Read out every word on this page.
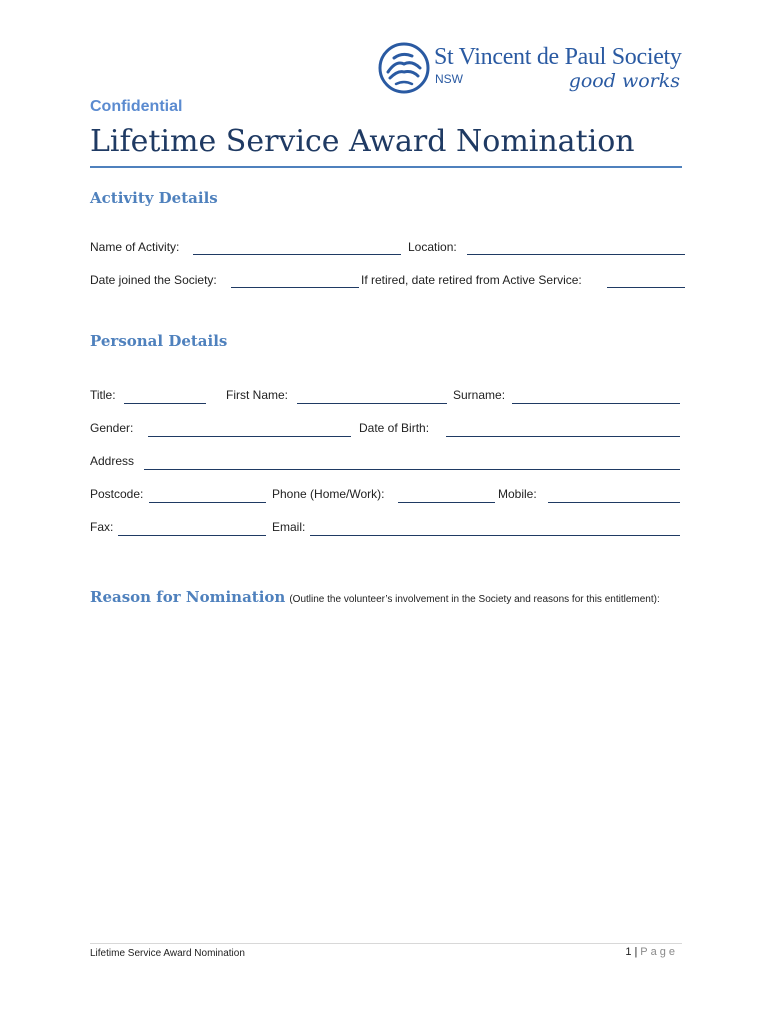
St Vincent de Paul Society
NSW	good works
Confidential
Lifetime Service Award Nomination
Activity Details
Name of Activity:	Location:
Date joined the Society:	If retired, date retired from Active Service:
Personal Details
Title:	First Name:	Surname:
Gender:	Date of Birth:
Address
Postcode:	Phone (Home/Work):	Mobile:
Fax:	Email:
Reason for Nomination (Outline the volunteer’s involvement in the Society and reasons for this entitlement):
Lifetime Service Award Nomination	1 | Page
